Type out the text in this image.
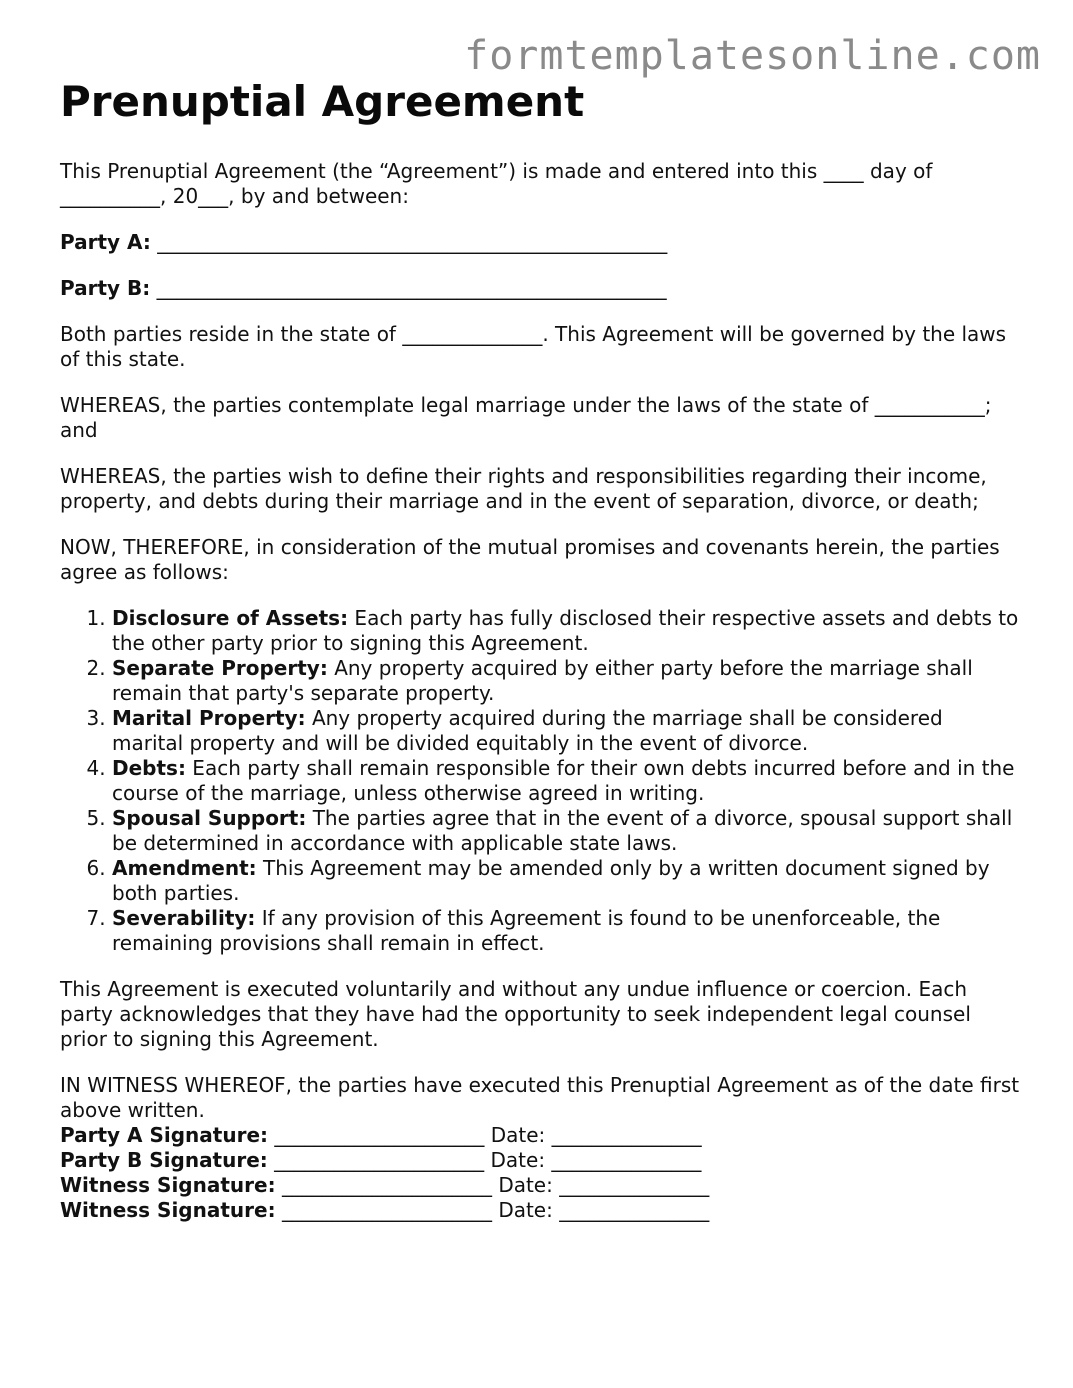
formtemplatesonline.com
Prenuptial Agreement

This Prenuptial Agreement (the “Agreement”) is made and entered into this ____ day of __________, 20___, by and between:

Party A: ___________________________________________________

Party B: ___________________________________________________

Both parties reside in the state of ______________. This Agreement will be governed by the laws of this state.

WHEREAS, the parties contemplate legal marriage under the laws of the state of ___________; and

WHEREAS, the parties wish to define their rights and responsibilities regarding their income, property, and debts during their marriage and in the event of separation, divorce, or death;

NOW, THEREFORE, in consideration of the mutual promises and covenants herein, the parties agree as follows:

1. Disclosure of Assets: Each party has fully disclosed their respective assets and debts to the other party prior to signing this Agreement.
2. Separate Property: Any property acquired by either party before the marriage shall remain that party's separate property.
3. Marital Property: Any property acquired during the marriage shall be considered marital property and will be divided equitably in the event of divorce.
4. Debts: Each party shall remain responsible for their own debts incurred before and in the course of the marriage, unless otherwise agreed in writing.
5. Spousal Support: The parties agree that in the event of a divorce, spousal support shall be determined in accordance with applicable state laws.
6. Amendment: This Agreement may be amended only by a written document signed by both parties.
7. Severability: If any provision of this Agreement is found to be unenforceable, the remaining provisions shall remain in effect.

This Agreement is executed voluntarily and without any undue influence or coercion. Each party acknowledges that they have had the opportunity to seek independent legal counsel prior to signing this Agreement.

IN WITNESS WHEREOF, the parties have executed this Prenuptial Agreement as of the date first above written.

Party A Signature: _____________________ Date: _______________

Party B Signature: _____________________ Date: _______________

Witness Signature: _____________________ Date: _______________

Witness Signature: _____________________ Date: _______________
